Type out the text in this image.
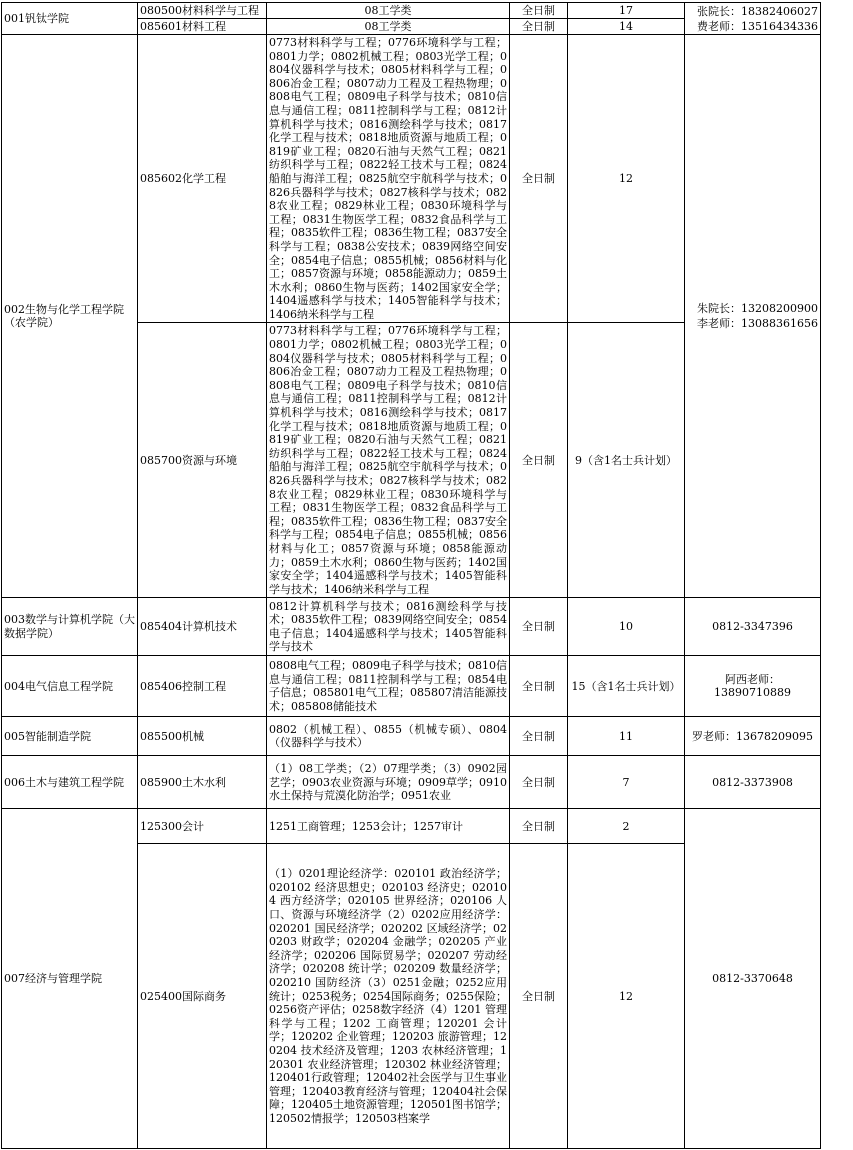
001钒钛学院	080500材料科学与工程	08工学类	全日制	17	张院长：18382406027
费老师：13516434336

	085601材料工程	08工学类	全日制	14	
002生物与化学工程学院（农学院）	085602化学工程	0773材料科学与工程；0776环境科学与工程；0801力学；0802机械工程；0803光学工程；0804仪器科学与技术；0805材料科学与工程；0806冶金工程；0807动力工程及工程热物理；0808电气工程；0809电子科学与技术；0810信息与通信工程；0811控制科学与工程；0812计算机科学与技术；0816测绘科学与技术；0817化学工程与技术；0818地质资源与地质工程；0819矿业工程；0820石油与天然气工程；0821纺织科学与工程；0822轻工技术与工程；0824船舶与海洋工程；0825航空宇航科学与技术；0826兵器科学与技术；0827核科学与技术；0828农业工程；0829林业工程；0830环境科学与工程；0831生物医学工程；0832食品科学与工程；0835软件工程；0836生物工程；0837安全科学与工程；0838公安技术；0839网络空间安全；0854电子信息；0855机械；0856材料与化工；0857资源与环境；0858能源动力；0859土木水利；0860生物与医药；1402国家安全学；1404遥感科学与技术；1405智能科学与技术；1406纳米科学与工程	全日制	12	朱院长：13208200900
李老师：13088361656

	085700资源与环境	0773材料科学与工程；0776环境科学与工程；0801力学；0802机械工程；0803光学工程；0804仪器科学与技术；0805材料科学与工程；0806冶金工程；0807动力工程及工程热物理；0808电气工程；0809电子科学与技术；0810信息与通信工程；0811控制科学与工程；0812计算机科学与技术；0816测绘科学与技术；0817化学工程与技术；0818地质资源与地质工程；0819矿业工程；0820石油与天然气工程；0821纺织科学与工程；0822轻工技术与工程；0824船舶与海洋工程；0825航空宇航科学与技术；0826兵器科学与技术；0827核科学与技术；0828农业工程；0829林业工程；0830环境科学与工程；0831生物医学工程；0832食品科学与工程；0835软件工程；0836生物工程；0837安全科学与工程；0854电子信息；0855机械；0856材料与化工；0857资源与环境；0858能源动力；0859土木水利；0860生物与医药；1402国家安全学；1404遥感科学与技术；1405智能科学与技术；1406纳米科学与工程	全日制	9（含1名士兵计划）	
003数学与计算机学院（大数据学院）	085404计算机技术	0812计算机科学与技术；0816测绘科学与技术；0835软件工程；0839网络空间安全；0854电子信息；1404遥感科学与技术；1405智能科学与技术	全日制	10	0812-3347396

004电气信息工程学院	085406控制工程	0808电气工程；0809电子科学与技术；0810信息与通信工程；0811控制科学与工程；0854电子信息；085801电气工程；085807清洁能源技术；085808储能技术	全日制	15（含1名士兵计划）	阿西老师：13890710889

005智能制造学院	085500机械	0802（机械工程）、0855（机械专硕）、0804（仪器科学与技术）	全日制	11	罗老师：13678209095

006土木与建筑工程学院	085900土木水利	（1）08工学类；（2）07理学类；（3）0902园艺学；0903农业资源与环境；0909草学；0910水土保持与荒漠化防治学；0951农业	全日制	7	0812-3373908

007经济与管理学院	125300会计	1251工商管理；1253会计；1257审计	全日制	2	0812-3370648

	025400国际商务	（1）0201理论经济学：020101 政治经济学；020102 经济思想史；020103 经济史；020104 西方经济学；020105 世界经济；020106 人口、资源与环境经济学（2）0202应用经济学：020201 国民经济学；020202 区域经济学；020203 财政学；020204 金融学；020205 产业经济学；020206 国际贸易学；020207 劳动经济学；020208 统计学；020209 数量经济学；020210 国防经济（3）0251金融；0252应用统计；0253税务；0254国际商务；0255保险；0256资产评估；0258数字经济（4）1201 管理科学与工程；1202 工商管理；120201 会计学；120202 企业管理；120203 旅游管理；120204 技术经济及管理；1203 农林经济管理；120301 农业经济管理；120302 林业经济管理；120401行政管理；120402社会医学与卫生事业管理；120403教育经济与管理；120404社会保障；120405土地资源管理；120501图书馆学；120502情报学；120503档案学	全日制	12	
